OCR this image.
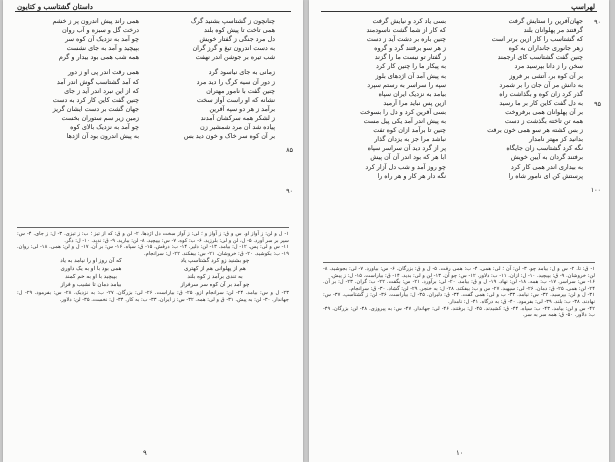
داستان گشتاسب و کتایون
چنانچون ز گشتاسپ بشنید گرگ
همی راند پیش اندرون پر ز خشم
همی تاخت تا پیش کوه بلند
درخت گل و سبزه و آب روان
دل مرد جنگی ز گفتار خویش
چو آمد به نزدیک آن کوه سر
به دست اندرون تیغ و گرز گران
بپیچید و آمد به جای نشست
شب تیره بر جوشن اندر نهفت
همه شب همی بود بیدار و گرم
زمانی به جای نیاسود گرد
همی رفت اندر پی او ز دور
ز دور آن سیه کرگ را دید مرد
که آمد گشتاسب گوش اندر آمد
چنین گفت با نامور مهتران
که از این نبرد اندر آید ز جای
نشانه که او راست آواز سخت
چنین گفت کاین کار کرد به دست
برآمد ز هر دو سپه آفرین
جهان گشت بر دست ایشان گریز
ز لشکر همه سرکشان آمدند
زمین زیر سم ستوران بخست
پیاده شد آن مرد شمشیر زن
چو آمد به نزدیک بالای کوه
بر آن کوه سر خاک و خون دید بس
به پیش اندرون بود آن اژدها
۸۵
۹۰

۱- ل و لن: ز آواز او. س و ق: ز آواز و ؛ لی: ز آواز سخت دل اژدها. ۲- لن و ق: که از تیز ؛ ب: ز تیزی. ۳- ل: ز جای. ۴- س: سپر بر سر آورد. ۵- ل، لن و لی: بلرزید. ۶- ب: کوه. ۷- س: بپیچید. ۸- لن: ببارید. ۹- ق: ندید. ۱۰- ل: دگر.

۱۱- س و لی: پس. ۱۲- ل: بیامد. ۱۳- لن: دلیر. ۱۴- ب: درفش. ۱۵- ق: سپاه. ۱۶- س: بر آن. ۱۷- ل و لن: همی. ۱۸- لی: روان. ۱۹- ب: بکوشید. ۲۰- ق: خروشان. ۲۱- س: بیفکند. ۲۲- ل: سرانجام.

چو بشنید زو کرد گشتاسپ یاد
که آن روز او را نیامد به یاد
هم از پهلوانی هم از کهتری
همی بود با او به یک داوری
به تندی برآمد ز کوه بلند
بپیچید با او به خم کمند
چو آمد بر آن کوه سر سرفراز
بیامد دمان تا نشیب و فراز

۲۳- ل و س: بیامد. ۲۴- لن: سرانجام ازو. ۲۵- ق: بیاراست. ۲۶- لی: بزرگان. ۲۷- ب: به نزدیک. ۲۸- س: بفرمود. ۲۹- ل: جهاندار. ۳۰- لن: به پیش. ۳۱- ق و لی: همه. ۳۲- س: ز ایران. ۳۳- ب: به کار. ۳۴- ل: نخست. ۳۵- لن: دلاور.

۹
لهراسپ
جهان‌آفرین را ستایش گرفت
بسی یاد کرد و نیایش گرفت
گرفتند مر پهلوانان بلند
که کار از شما گشت ناسودمند
که گشتاسب را کار ازین برتر است
چنین باره بر دشت آید ز دست
زهر جانوری جانداران به کوه
ز هر سو برفتند گرد و گروه
چنین گفت گشتاسب کای ارجمند
ز گفتار تو نیست ما را گزند
سخن را ز دانا بپرسید مرد
به پیکار ما را چنین کار کرد
بر آن کوه بر، آتشی بر فروز
به پیش آمد آن اژدهای بلوز
به دانش مر آن جان را بر شمرد
سپه را سراسر به رستم سپرد
گذر کرد زان کوه و بگذاشت راه
بیامد به نزدیک ایران سپاه
به دل گفت کاین کار بر ما رسید
ازین پس نباید مرا آرمید
بر آن پهلوانان همی برفروخت
بسی آفرین کرد و دل را بسوخت
همه تن تاخته بگذشت ز دست
به پیش اندر آمد یکی پیل مست
ز بس کشته هر سو همی خون برفت
چنین تا برآمد ازان کوه تفت
بدانید کز مهتر نامدار
نباشد مرا جز به یزدان گذار
نگه کرد گشتاسب زان جایگاه
پر از گرد دید آن سراسر سپاه
برفتند گردان به آیین خویش
ابا هر که بود اندر آن آن پیش
به بیداری اندر همی کار کرد
چو روز آمد و شب دل آزار کرد
پرستش کن ای نامور شاه را
نگه دار هر کار و هر راه را
۹۰
۹۵
۱۰۰

۱- ق: تا. ۲- س و ل: بیامد چو. ۳- لن: آن ؛ لی: همی. ۴- ب: همی رفت. ۵- ل و ق: بزرگان. ۶- س: بیاورد. ۷- لی: بجوشید. ۸- لن: خروشان. ۹- ق: بپیچید. ۱۰- ل: ازان. ۱۱- ب: دلاور. ۱۲- س: چو آن. ۱۳- لن و لی: بدید. ۱۴- ق: بیاراست. ۱۵- ل: ز پیش.

۱۶- س: سراسر. ۱۷- ب: همه. ۱۸- لن: نهاد. ۱۹- ل و ق: بیامد. ۲۰- لی: برآورد. ۲۱- س: بگفت. ۲۲- ب: گران. ۲۳- ل: بر آن. ۲۴- لن: همی. ۲۵- ق: دمان. ۲۶- لی: سپهبد. ۲۷- س و ب: بیفکند. ۲۸- ل: به خنجر. ۲۹- لن: گشاد. ۳۰- ق: سرانجام.

۳۱- ل و لن: بپرسید. ۳۲- س: نیامد. ۳۳- ب و لی: همی گفت. ۳۴- ق: دلیران. ۳۵- ل: بیاراست. ۳۶- لن: ز گشتاسپ. ۳۷- س: نهادند. ۳۸- ب: بلند. ۳۹- لی: بفرمود. ۴۰- ق: به درگاه. ۴۱- ل: نامدار.

۴۲- س و لن: بیامد. ۴۳- ب: سپاه. ۴۴- ق: کشیدند. ۴۵- ل: برفتند. ۴۶- لی: جهاندار. ۴۷- س: به پیروزی. ۴۸- لن: بزرگان. ۴۹- ب: دلاور. ۵۰- ق: همه سر به سر.

۱۰
